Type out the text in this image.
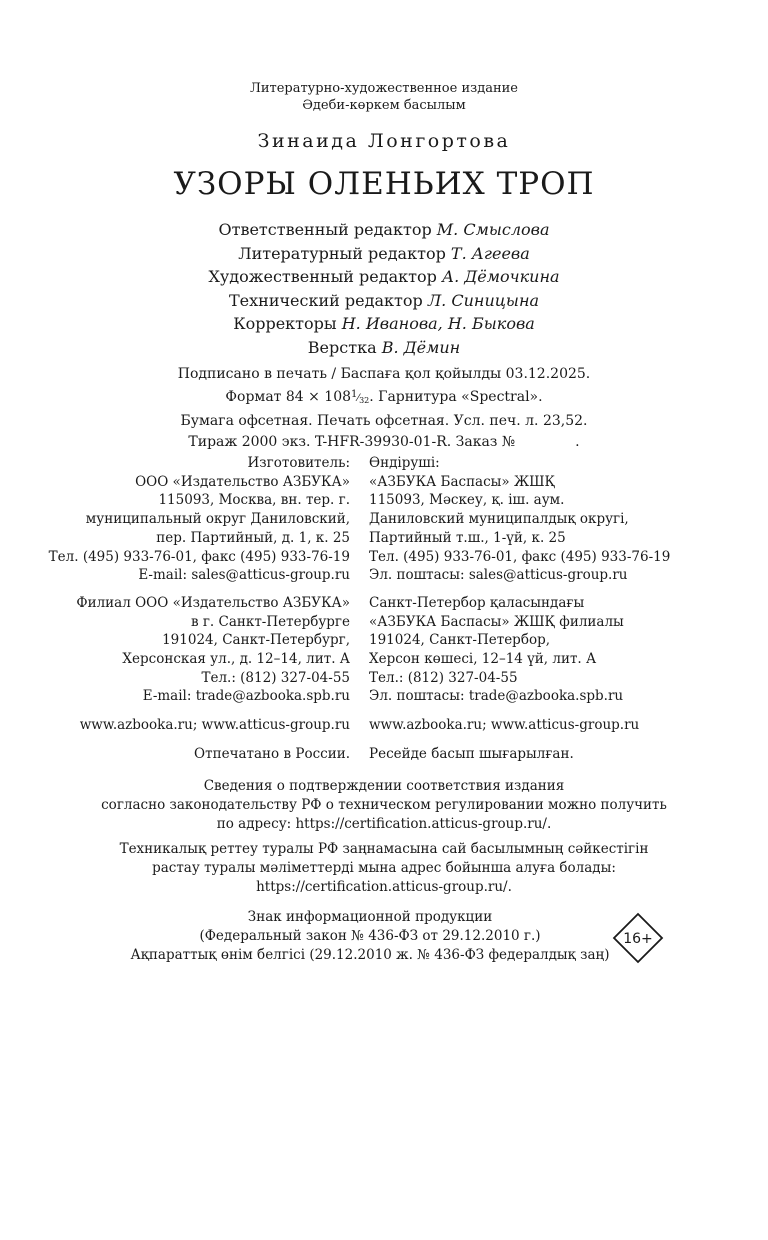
Литературно-художественное издание
Әдеби-көркем басылым
Зинаида Лонгортова
УЗОРЫ ОЛЕНЬИХ ТРОП
Ответственный редактор М. Смыслова
Литературный редактор Т. Агеева
Художественный редактор А. Дёмочкина
Технический редактор Л. Синицына
Корректоры Н. Иванова, Н. Быкова
Верстка В. Дёмин
Подписано в печать / Баспаға қол қойылды 03.12.2025.
Формат $84 \times 108^1⁄_{32}$. Гарнитура «Spectral».
Бумага офсетная. Печать офсетная. Усл. печ. л. 23,52.
Тираж 2000 экз. T-HFR-39930-01-R. Заказ №	.
Изготовитель:
ООО «Издательство АЗБУКА»
115093, Москва, вн. тер. г.
муниципальный округ Даниловский,
пер. Партийный, д. 1, к. 25
Тел. (495) 933-76-01, факс (495) 933-76-19
E-mail: sales@atticus-group.ru
Филиал ООО «Издательство АЗБУКА»
в г. Санкт-Петербурге
191024, Санкт-Петербург,
Херсонская ул., д. 12–14, лит. А
Тел.: (812) 327-04-55
E-mail: trade@azbooka.spb.ru
www.azbooka.ru; www.atticus-group.ru
Отпечатано в России.
Өндіруші:
«АЗБУКА Баспасы» ЖШҚ
115093, Мәскеу, қ. іш. аум.
Даниловский муниципалдық округі,
Партийный т.ш., 1-үй, к. 25
Тел. (495) 933-76-01, факс (495) 933-76-19
Эл. поштасы: sales@atticus-group.ru
Санкт-Петербор қаласындағы
«АЗБУКА Баспасы» ЖШҚ филиалы
191024, Санкт-Петербор,
Херсон көшесі, 12–14 үй, лит. А
Тел.: (812) 327-04-55
Эл. поштасы: trade@azbooka.spb.ru
www.azbooka.ru; www.atticus-group.ru
Ресейде басып шығарылған.
Сведения о подтверждении соответствия издания
согласно законодательству РФ о техническом регулировании можно получить
по адресу: https://certification.atticus-group.ru/.
Техникалық реттеу туралы РФ заңнамасына сай басылымның сәйкестігін
растау туралы мәліметтерді мына адрес бойынша алуға болады:
https://certification.atticus-group.ru/.
Знак информационной продукции
(Федеральный закон № 436-ФЗ от 29.12.2010 г.)
Ақпараттық өнім белгісі (29.12.2010 ж. № 436-ФЗ федералдық заң)
16+
